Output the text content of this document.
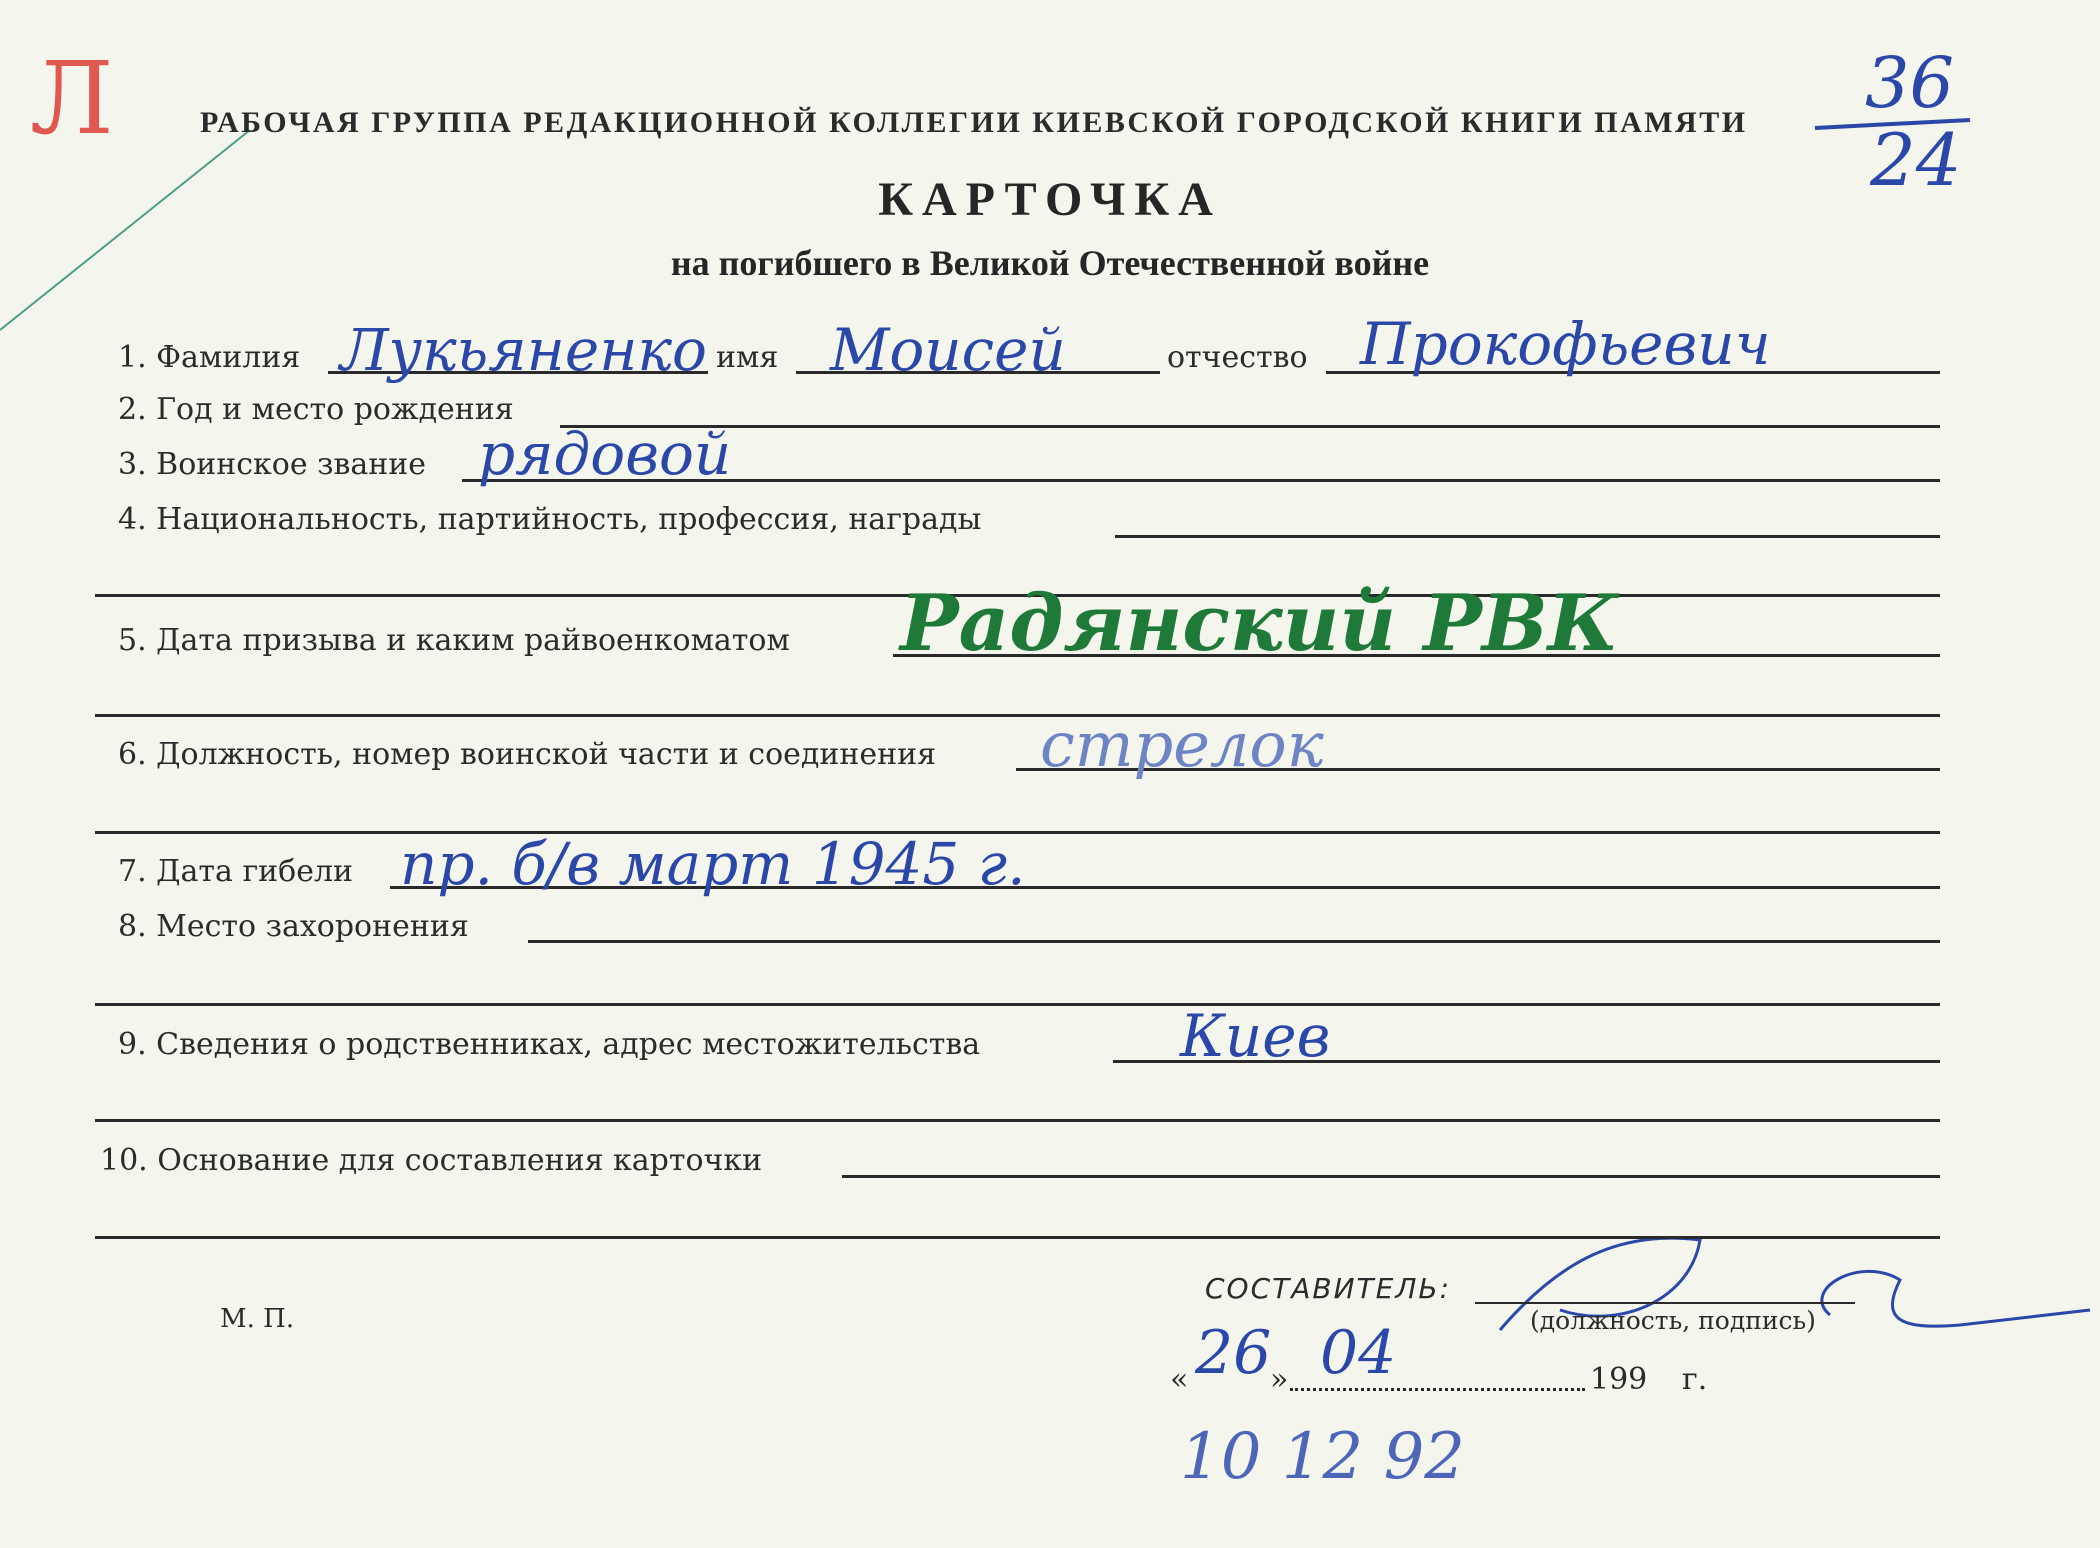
Л	36
24
РАБОЧАЯ ГРУППА РЕДАКЦИОННОЙ КОЛЛЕГИИ КИЕВСКОЙ ГОРОДСКОЙ КНИГИ ПАМЯТИ
КАРТОЧКА
на погибшего в Великой Отечественной войне
1. Фамилия Лукьяненко имя Моисей	отчество Прокофьевич
2. Год и место рождения
3. Воинское звание рядовой
4. Национальность, партийность, профессия, награды
5. Дата призыва и каким райвоенкоматом Радянский РВК
6. Должность, номер воинской части и соединения стрелок
7. Дата гибели пр. б/в март 1945 г.
8. Место захоронения
9. Сведения о родственниках, адрес местожительства	Киев
10. Основание для составления карточки
М. П.
СОСТАВИТЕЛЬ:
(должность, подпись)
« 26
» 04	199 г.
10 12 92
